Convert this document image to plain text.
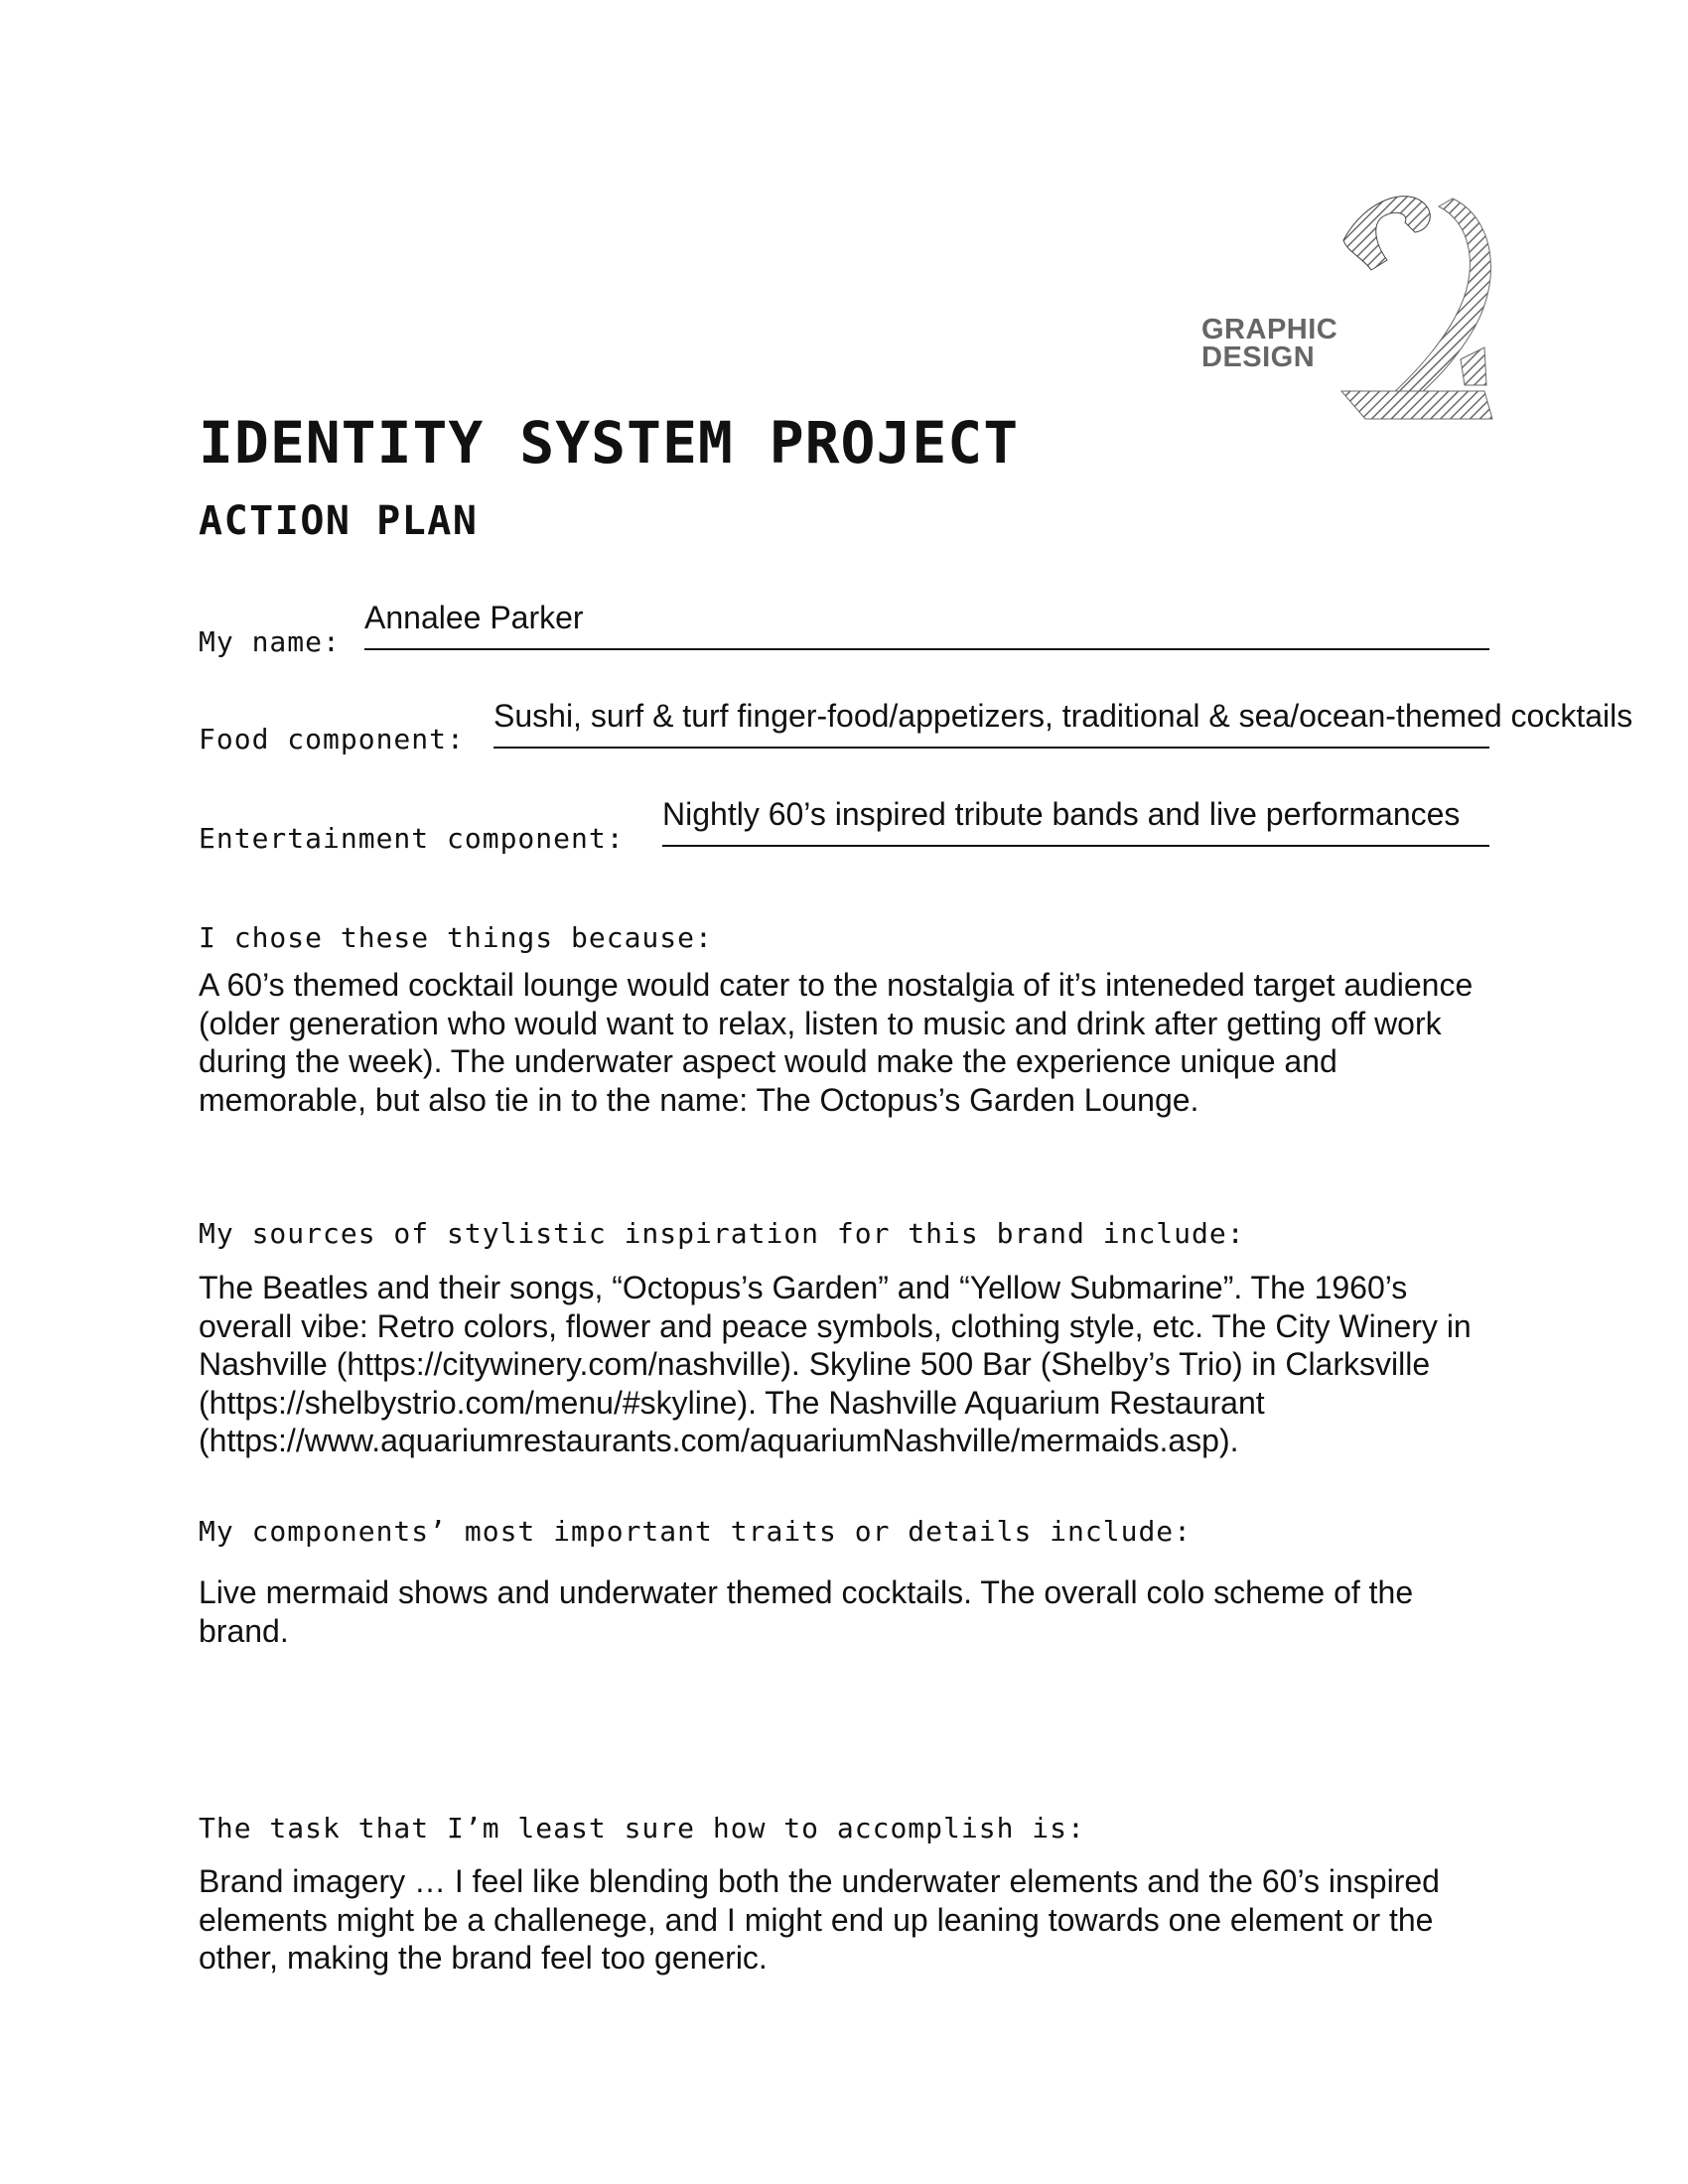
GRAPHIC
DESIGN
2
IDENTITY SYSTEM PROJECT
ACTION PLAN
My name:
Annalee Parker
Food component:
Sushi, surf & turf finger-food/appetizers, traditional & sea/ocean-themed cocktails
Entertainment component:
Nightly 60’s inspired tribute bands and live performances
I chose these things because:

A 60’s themed cocktail lounge would cater to the nostalgia of it’s inteneded target audience (older generation who would want to relax, listen to music and drink after getting off work during the week). The underwater aspect would make the experience unique and memorable, but also tie in to the name: The Octopus’s Garden Lounge.

My sources of stylistic inspiration for this brand include:

The Beatles and their songs, “Octopus’s Garden” and “Yellow Submarine”. The 1960’s overall vibe: Retro colors, flower and peace symbols, clothing style, etc. The City Winery in Nashville (https://citywinery.com/nashville). Skyline 500 Bar (Shelby’s Trio) in Clarksville (https://shelbystrio.com/menu/#skyline). The Nashville Aquarium Restaurant (https://www.aquariumrestaurants.com/aquariumNashville/mermaids.asp).

My components’ most important traits or details include:

Live mermaid shows and underwater themed cocktails. The overall colo scheme of the brand.

The task that I’m least sure how to accomplish is:

Brand imagery … I feel like blending both the underwater elements and the 60’s inspired elements might be a challenege, and I might end up leaning towards one element or the other, making the brand feel too generic.
